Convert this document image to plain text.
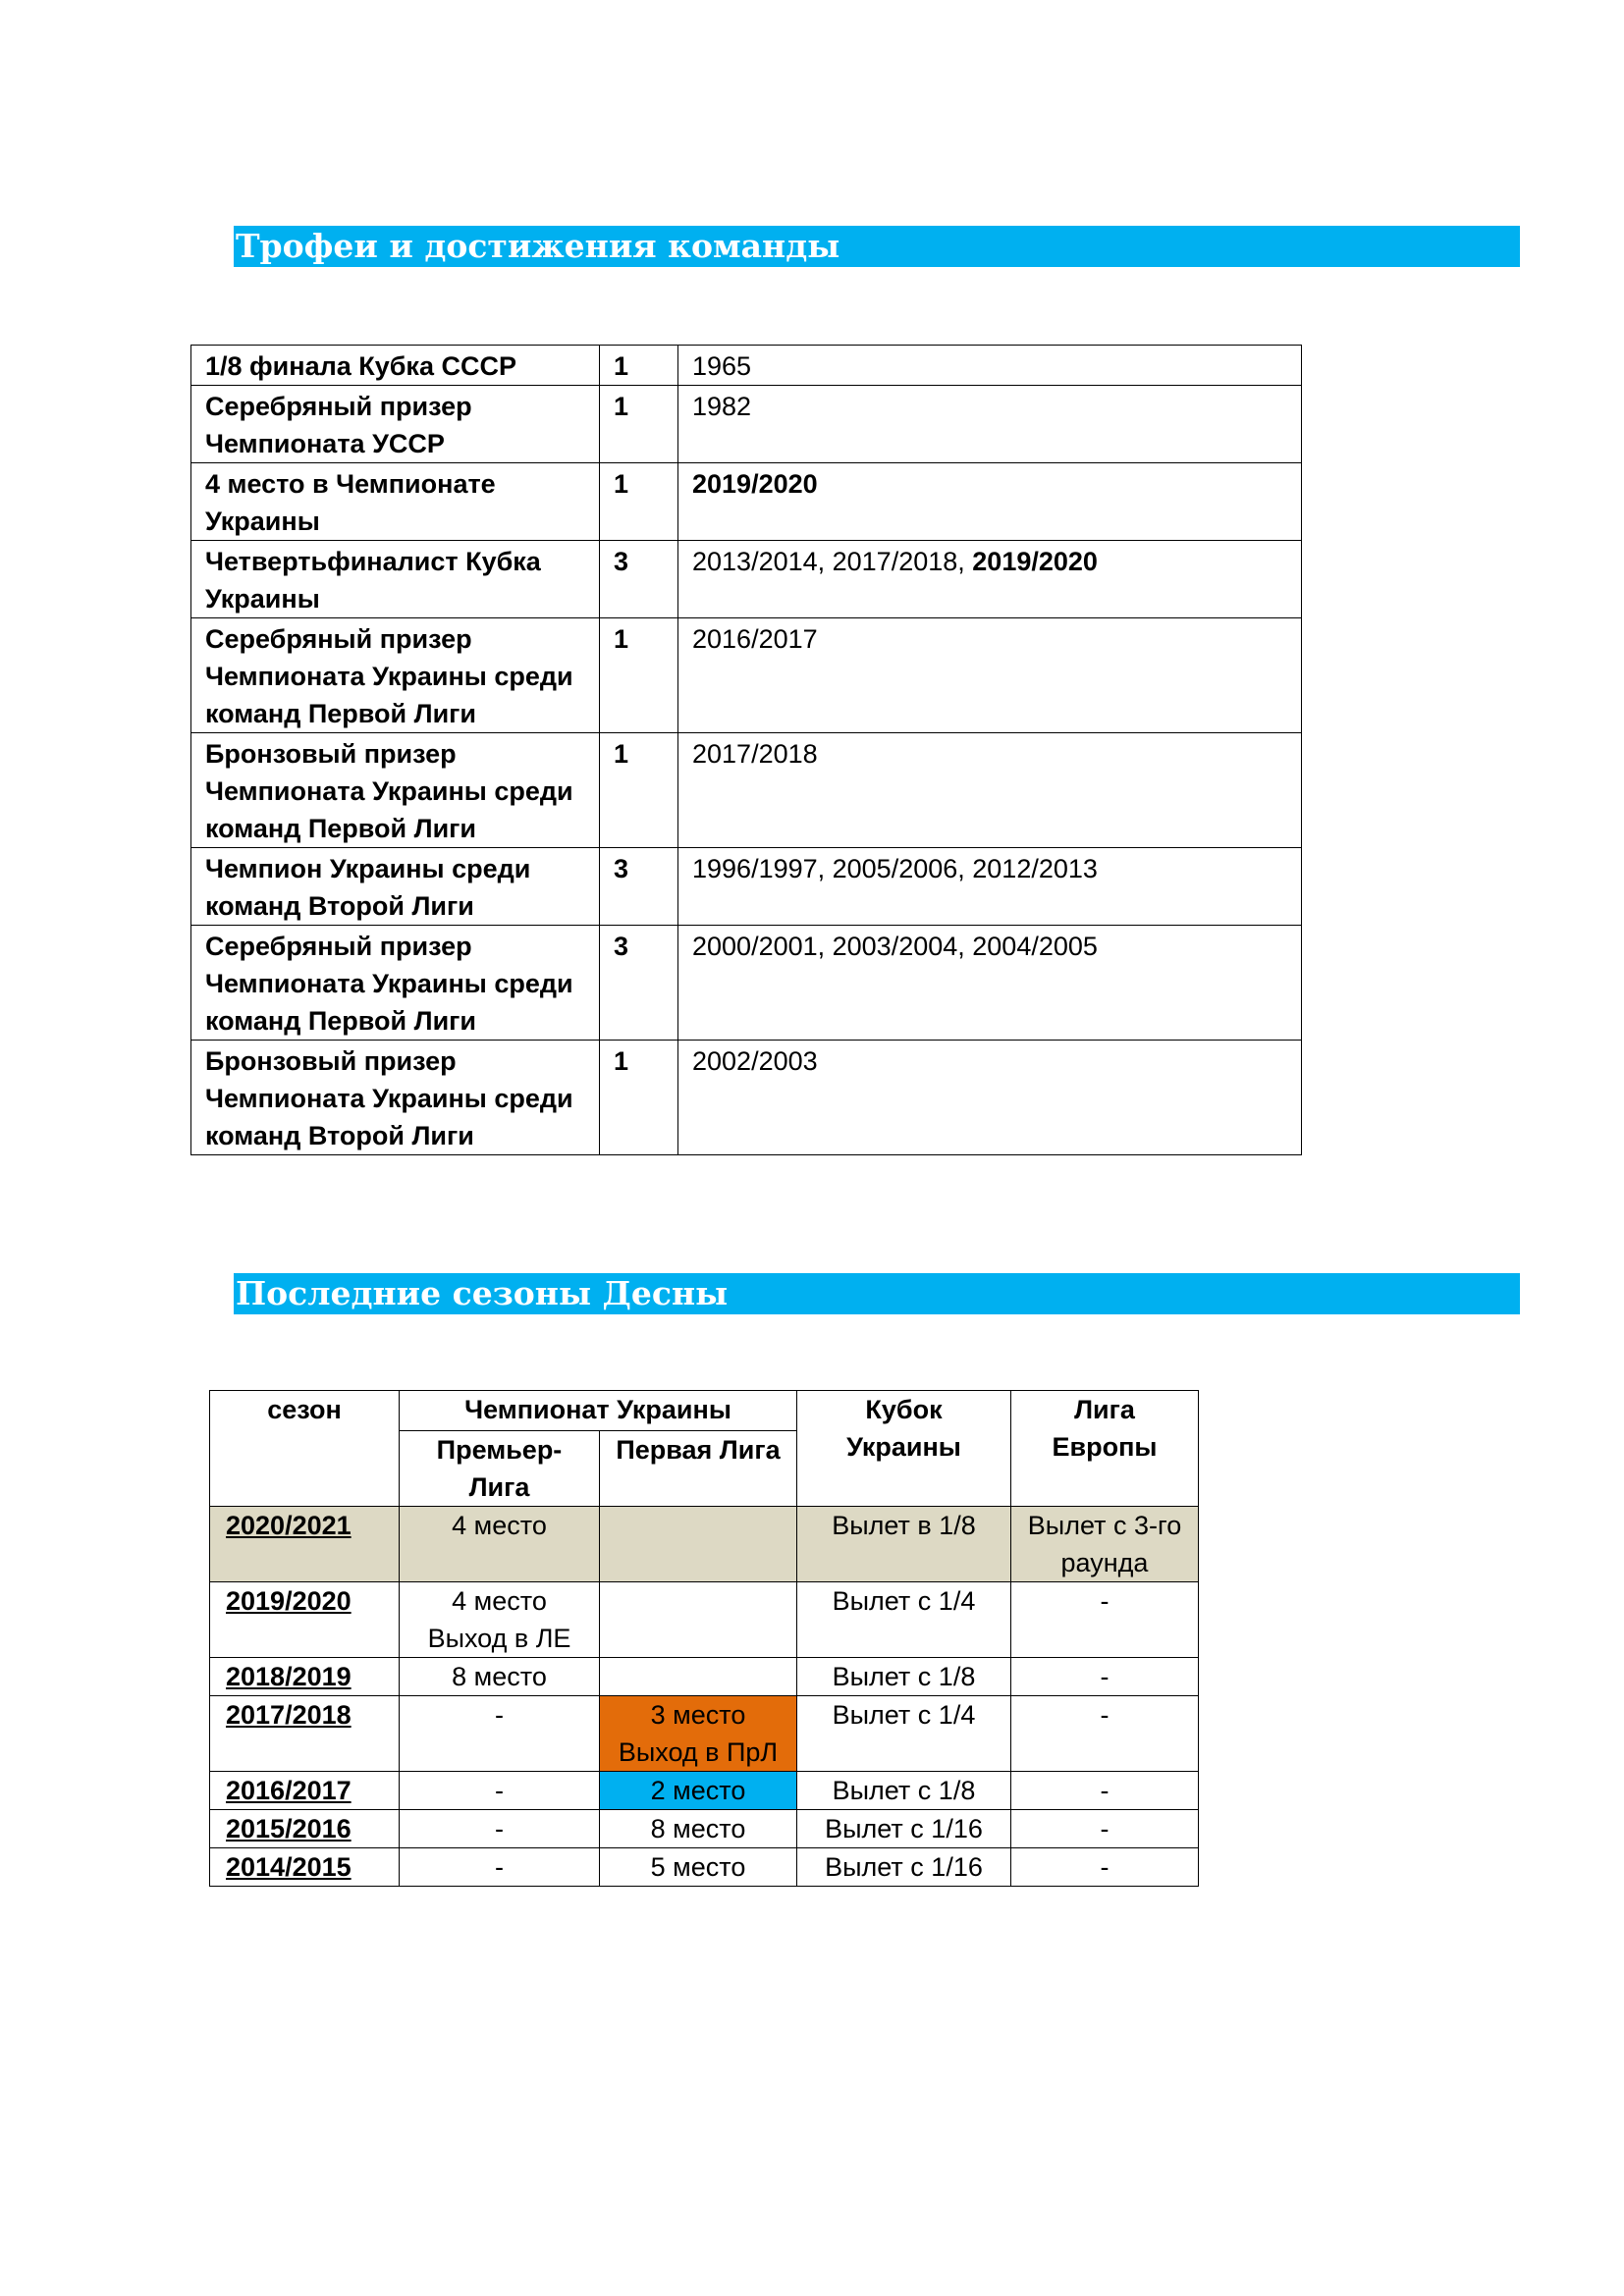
Трофеи и достижения команды
1/8 финала Кубка СССР	1	1965
Серебряный призер Чемпионата УССР	1	1982
4 место в Чемпионате Украины	1	2019/2020
Четвертьфиналист Кубка Украины	3	2013/2014, 2017/2018, 2019/2020
Серебряный призер Чемпионата Украины среди команд Первой Лиги	1	2016/2017
Бронзовый призер Чемпионата Украины среди команд Первой Лиги	1	2017/2018
Чемпион Украины среди команд Второй Лиги	3	1996/1997, 2005/2006, 2012/2013
Серебряный призер Чемпионата Украины среди команд Первой Лиги	3	2000/2001, 2003/2004, 2004/2005
Бронзовый призер Чемпионата Украины среди команд Второй Лиги	1	2002/2003
Последние сезоны Десны
сезон	Чемпионат Украины		Кубок Украины	Лига Европы
	Премьер-Лига	Первая Лига		
2020/2021	4 место		Вылет в 1/8	Вылет с 3-го раунда
2019/2020	4 место Выход в ЛЕ		Вылет с 1/4	-
2018/2019	8 место		Вылет с 1/8	-
2017/2018	-	3 место Выход в ПрЛ	Вылет с 1/4	-
2016/2017	-	2 место	Вылет с 1/8	-
2015/2016	-	8 место	Вылет с 1/16	-
2014/2015	-	5 место	Вылет с 1/16	-
